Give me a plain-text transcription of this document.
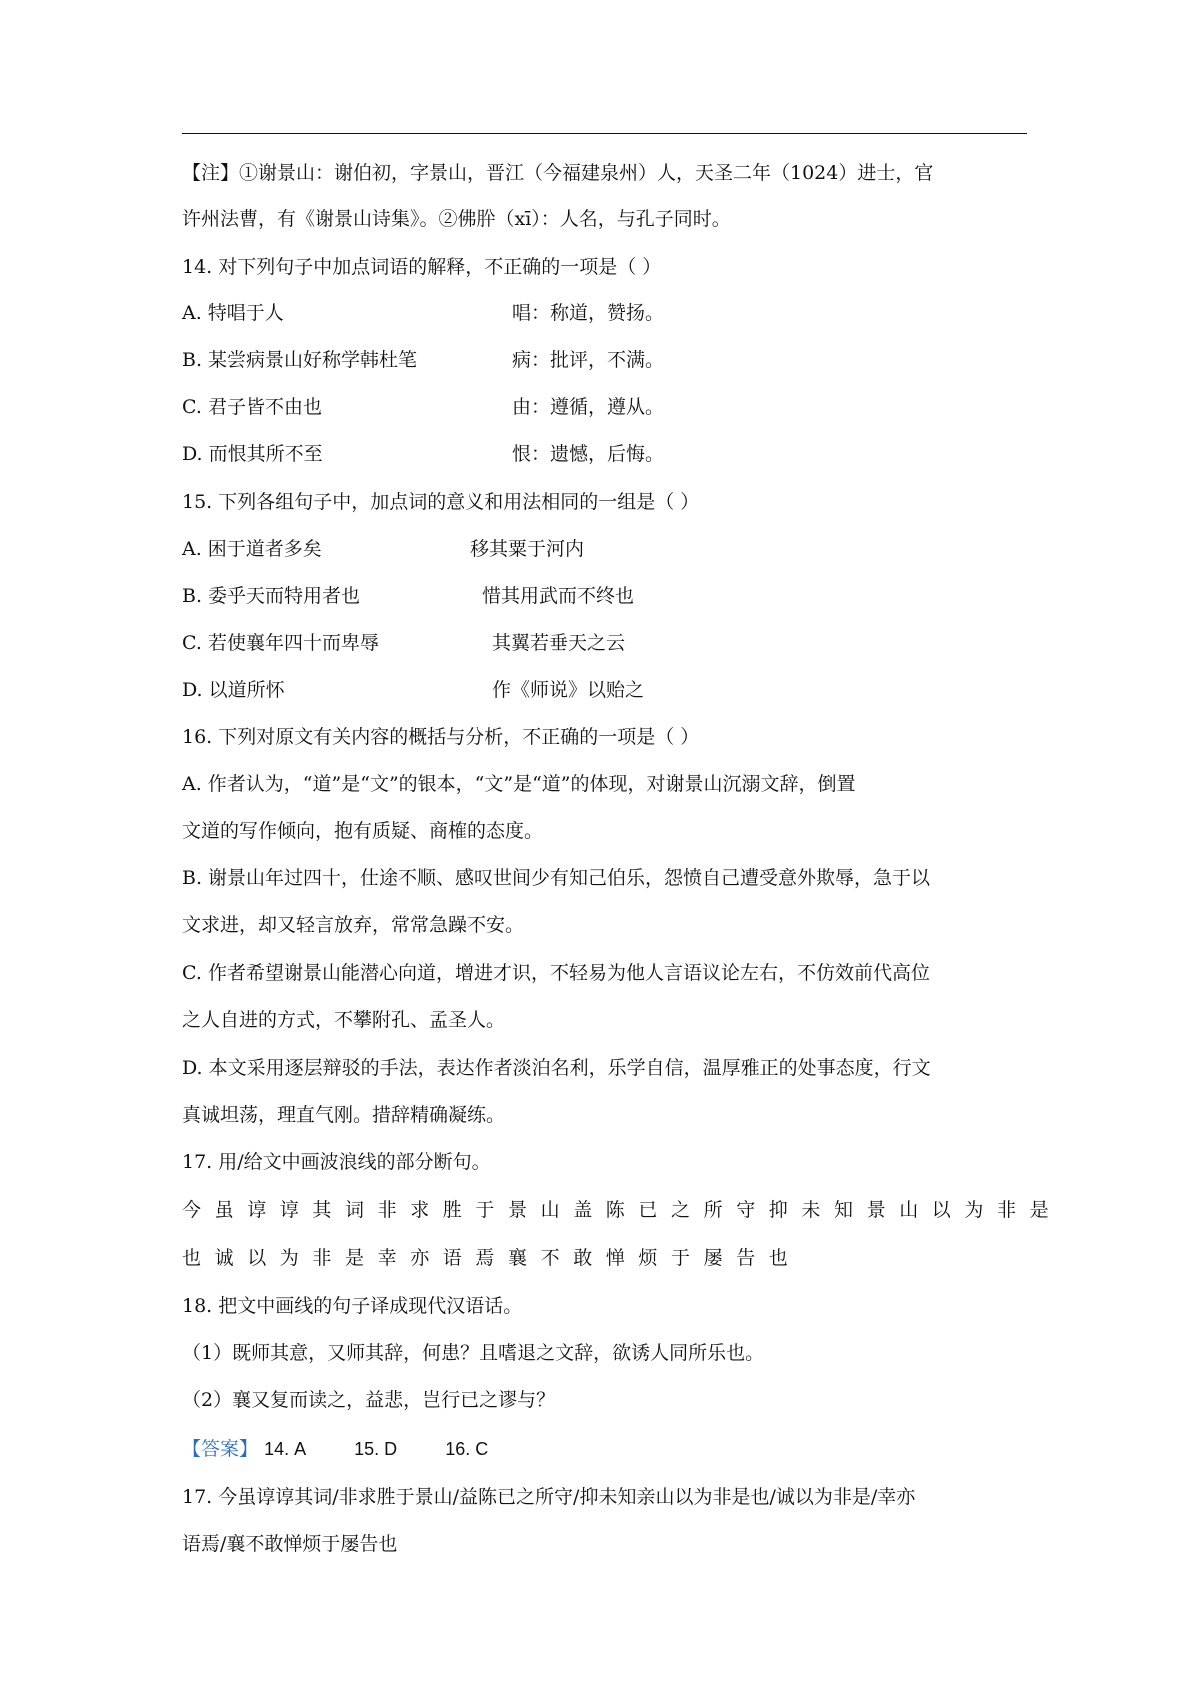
【注】①谢景山：谢伯初，字景山，晋江（今福建泉州）人，天圣二年（1024）进士，官
许州法曹，有《谢景山诗集》。②佛肸（xī）：人名，与孔子同时。
14. 对下列句子中加点词语的解释，不正确的一项是（ ）
A. 特唱于人	唱：称道，赞扬。
B. 某尝病景山好称学韩杜笔	病：批评，不满。
C. 君子皆不由也	由：遵循，遵从。
D. 而恨其所不至	恨：遗憾，后悔。
15. 下列各组句子中，加点词的意义和用法相同的一组是（ ）
A. 困于道者多矣	移其粟于河内
B. 委乎天而特用者也	惜其用武而不终也
C. 若使襄年四十而卑辱	其翼若垂天之云
D. 以道所怀	作《师说》以贻之
16. 下列对原文有关内容的概括与分析，不正确的一项是（ ）
A. 作者认为，“道”是“文”的银本，“文”是“道”的体现，对谢景山沉溺文辞，倒置
文道的写作倾向，抱有质疑、商榷的态度。
B. 谢景山年过四十，仕途不顺、感叹世间少有知己伯乐，怨愤自己遭受意外欺辱，急于以
文求进，却又轻言放弃，常常急躁不安。
C. 作者希望谢景山能潜心向道，增进才识，不轻易为他人言语议论左右，不仿效前代高位
之人自进的方式，不攀附孔、孟圣人。
D. 本文采用逐层辩驳的手法，表达作者淡泊名利，乐学自信，温厚雅正的处事态度，行文
真诚坦荡，理直气刚。措辞精确凝练。
17. 用/给文中画波浪线的部分断句。
今虽谆谆其词非求胜于景山盖陈已之所守抑未知景山以为非是
也诚以为非是幸亦语焉襄不敢惮烦于屡告也
18. 把文中画线的句子译成现代汉语话。
（1）既师其意，又师其辞，何患？且嗜退之文辞，欲诱人同所乐也。
（2）襄又复而读之，益悲，岂行已之谬与？
【答案】 14. A	15. D	16. C
17. 今虽谆谆其词/非求胜于景山/益陈已之所守/抑未知亲山以为非是也/诚以为非是/幸亦
语焉/襄不敢惮烦于屡告也
